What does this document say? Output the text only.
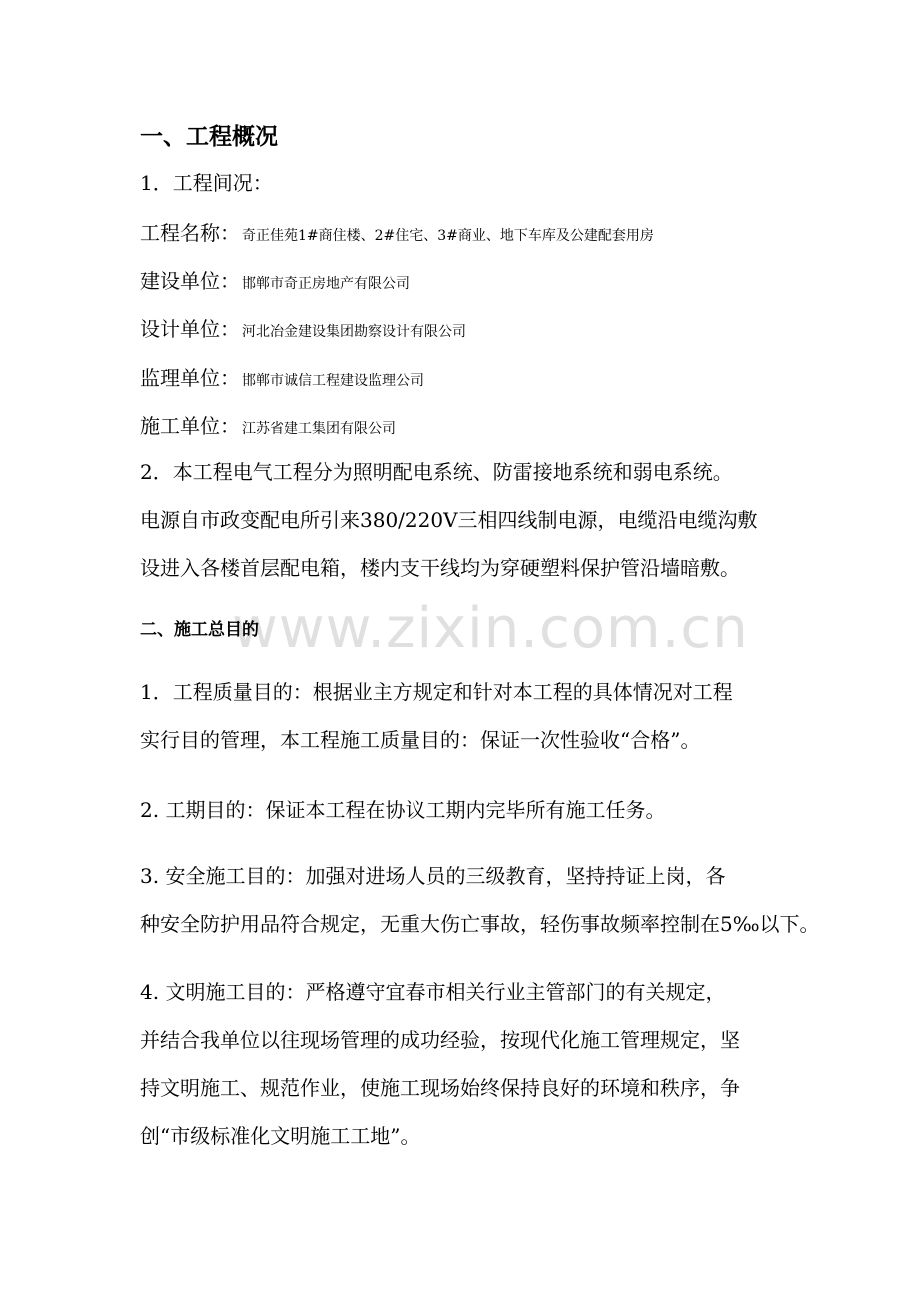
一、工程概况
1．工程间况：
工程名称： 奇正佳苑1#商住楼、2#住宅、3#商业、地下车库及公建配套用房
建设单位： 邯郸市奇正房地产有限公司
设计单位： 河北冶金建设集团勘察设计有限公司
监理单位： 邯郸市诚信工程建设监理公司
施工单位： 江苏省建工集团有限公司
2．本工程电气工程分为照明配电系统、防雷接地系统和弱电系统。
电源自市政变配电所引来380/220V三相四线制电源，电缆沿电缆沟敷
设进入各楼首层配电箱，楼内支干线均为穿硬塑料保护管沿墙暗敷。
www.zixin.com.cn
二、施工总目的
1．工程质量目的：根据业主方规定和针对本工程的具体情况对工程
实行目的管理，本工程施工质量目的：保证一次性验收“合格”。
2. 工期目的：保证本工程在协议工期内完毕所有施工任务。
3. 安全施工目的：加强对进场人员的三级教育，坚持持证上岗，各
种安全防护用品符合规定，无重大伤亡事故，轻伤事故频率控制在5‰以下。
4. 文明施工目的：严格遵守宜春市相关行业主管部门的有关规定，
并结合我单位以往现场管理的成功经验，按现代化施工管理规定，坚
持文明施工、规范作业，使施工现场始终保持良好的环境和秩序，争
创“市级标准化文明施工工地”。
